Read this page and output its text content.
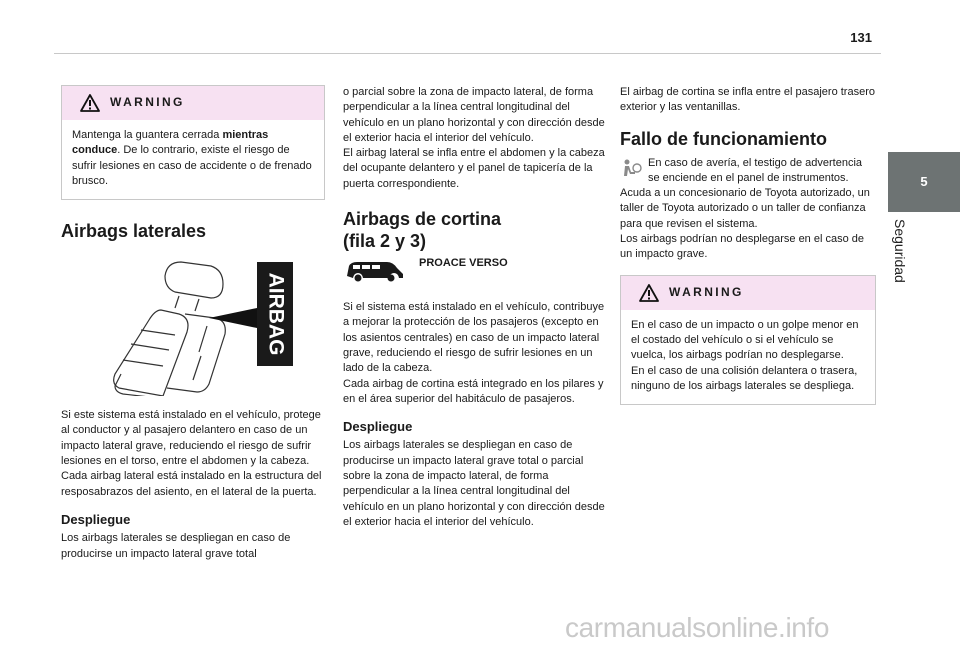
131
5
Seguridad
WARNING
Mantenga la guantera cerrada mientras conduce. De lo contrario, existe el riesgo de sufrir lesiones en caso de accidente o de frenado brusco.
Airbags laterales
AIRBAG

Si este sistema está instalado en el vehículo, protege al conductor y al pasajero delantero en caso de un impacto lateral grave, reduciendo el riesgo de sufrir lesiones en el torso, entre el abdomen y la cabeza.

Cada airbag lateral está instalado en la estructura del resposabrazos del asiento, en el lateral de la puerta.

Despliegue

Los airbags laterales se despliegan en caso de producirse un impacto lateral grave total

o parcial sobre la zona de impacto lateral, de forma perpendicular a la línea central longitudinal del vehículo en un plano horizontal y con dirección desde el exterior hacia el interior del vehículo.

El airbag lateral se infla entre el abdomen y la cabeza del ocupante delantero y el panel de tapicería de la puerta correspondiente.

Airbags de cortina
(fila 2 y 3)
PROACE VERSO

Si el sistema está instalado en el vehículo, contribuye a mejorar la protección de los pasajeros (excepto en los asientos centrales) en caso de un impacto lateral grave, reduciendo el riesgo de sufrir lesiones en un lado de la cabeza.

Cada airbag de cortina está integrado en los pilares y en el área superior del habitáculo de pasajeros.

Despliegue

Los airbags laterales se despliegan en caso de producirse un impacto lateral grave total o parcial sobre la zona de impacto lateral, de forma perpendicular a la línea central longitudinal del vehículo en un plano horizontal y con dirección desde el exterior hacia el interior del vehículo.

El airbag de cortina se infla entre el pasajero trasero exterior y las ventanillas.

Fallo de funcionamiento

En caso de avería, el testigo de advertencia se enciende en el panel de instrumentos. Acuda a un concesionario de Toyota autorizado, un taller de Toyota autorizado o un taller de confianza para que revisen el sistema.

Los airbags podrían no desplegarse en el caso de un impacto grave.

WARNING

En el caso de un impacto o un golpe menor en el costado del vehículo o si el vehículo se vuelca, los airbags podrían no desplegarse.

En el caso de una colisión delantera o trasera, ninguno de los airbags laterales se despliega.

carmanualsonline.info
